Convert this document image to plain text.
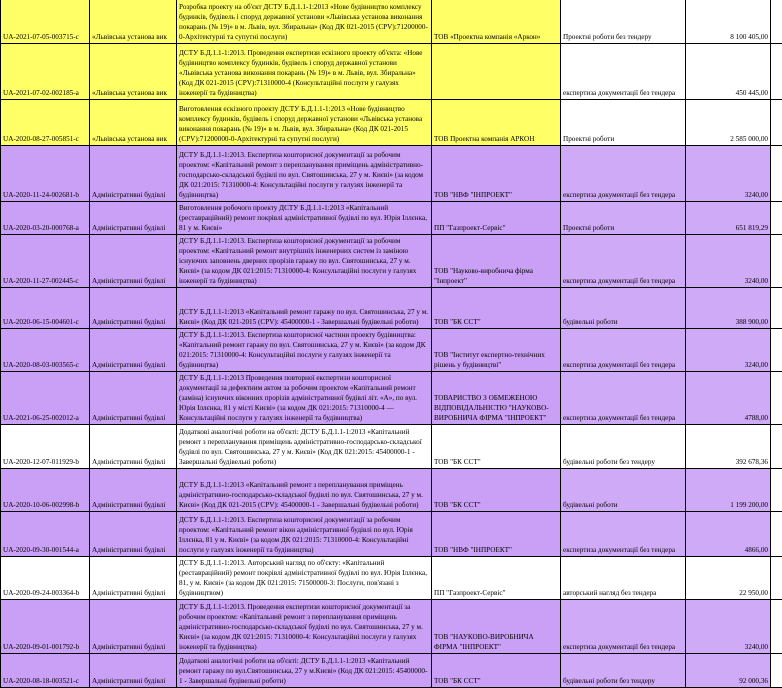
UA-2021-07-05-003715-c	«Львівська установа вик	Розробка проекту на об'єкт ДСТУ Б.Д.1.1-1:2013 «Нове будівництво комплексу будинків, будівель і споруд державної установи «Львівська установа виконання покарань (№ 19)» в м. Львів, вул. Збиральна» (Код ДК 021-2015 (CPV):71200000-0-Архітектурні та супутні послуги)	ТОВ «Проектна компанія «Аркон»	Проектні роботи без тендеру	8 100 405,00	
UA-2021-07-02-002185-a	«Львівська установа вик	ДСТУ Б.Д.1.1-1:2013. Проведення експертизи ескізного проекту об'єкта: «Нове будівництво комплексу будинків, будівель і споруд державної установи «Львівська установа виконання покарань (№ 19)» в м. Львів, вул. Збиральна» (Код ДК 021-2015 (CPV):71310000-4 (Консультаційні послуги у галузях інженерії та будівництва)		експертиза документації без тендера	450 445,00	
UA-2020-08-27-005851-c	«Львівська установа вик	Виготовлення ескізного проекту ДСТУ Б.Д.1.1-1:2013 «Нове будівництво комплексу будинків, будівель і споруд державної установи «Львівська установа виконання покарань (№ 19)» в м. Львів, вул. Збиральна» (Код ДК 021-2015 (CPV):71200000-0-Архітектурні та супутні послуги)	ТОВ Проектна компанія АРКОН	Проектні роботи	2 585 000,00	
UA-2020-11-24-002681-b	Адміністративні будівлі	ДСТУ Б.Д.1.1-1:2013. Експертиза кошторисної документації за робочим проектом: «Капітальний ремонт з перепланування приміщень адміністративно-господарсько-складської будівлі по вул. Святошинська, 27 у м. Києві» (за кодом ДК 021:2015: 71310000-4: Консультаційні послуги у галузях інженерії та будівництва)	ТОВ "НВФ "ІНПРОЕКТ"	експертиза документації без тендера	3240,00	
UA-2020-03-20-000768-a	Адміністративні будівлі	Виготовлення робочого проекту ДСТУ Б.Д.1.1-1:2013 «Капітальний (реставраційний) ремонт покрівлі адміністративної будівлі по вул. Юрія Іллєнка, 81 у м. Києві»	ПП "Газпроект-Сервіс"	Проектні роботи	651 819,29	
UA-2020-11-27-002445-c	Адміністративні будівлі	ДСТУ Б.Д.1.1-1:2013. Експертиза кошторисної документації за робочим проектом: «Капітальний ремонт внутрішніх інженерних систем із заміною існуючих заповнень дверних прорізів гаражу по вул. Святошинська, 27 у м. Києві» (за кодом ДК 021:2015: 71310000-4: Консультаційні послуги у галузях інженерії та будівництва)	ТОВ "Науково-виробнича фірма "Інпроект"	експертиза документації без тендера	3240,00	
UA-2020-06-15-004601-c	Адміністративні будівлі	ДСТУ Б.Д.1.1-1:2013 «Капітальний ремонт гаражу по вул. Святошинська, 27 у м. Києві» (Код ДК 021-2015 (CPV): 45400000-1 - Завершальні будівельні роботи)	ТОВ "БК ССТ"	будівельні роботи	388 900,00	
UA-2020-08-03-003565-c	Адміністративні будівлі	ДСТУ Б.Д.1.1-1:2013. Експертиза кошторисної частини проекту будівництва: «Капітальний ремонт гаражу по вул. Святошинська, 27 у м. Києві» (за кодом ДК 021:2015: 71310000-4: Консультаційні послуги у галузях інженерії та будівництва)	ТОВ "Інститут експертно-технічних рішень у будівництві"	експертиза документації без тендера	3240,00	
UA-2021-06-25-002012-a	Адміністративні будівлі	ДСТУ Б.Д.1.1-1:2013 Проведення повторної експертизи кошторисної документації за дефектним актом за робочим проектом «Капітальний ремонт (заміна) існуючих віконних прорізів адміністративної будівлі літ. «А», по вул. Юрія Іллєнка, 81 у місті Києві» (за кодом ДК 021:2015: 71310000-4 — Консультаційні послуги у галузях інженерії та будівництва)	ТОВАРИСТВО З ОБМЕЖЕНОЮ ВІДПОВІДАЛЬНІСТЮ "НАУКОВО-ВИРОБНИЧА ФІРМА "ІНПРОЕКТ"	експертиза документації без тендера	4788,00	
UA-2020-12-07-011929-b	Адміністративні будівлі	Додаткові аналогічні роботи на об'єкті: ДСТУ Б.Д.1.1-1:2013 «Капітальний ремонт з перепланування приміщень адміністративно-господарсько-складської будівлі по вул. Святошинська, 27 у м. Києві» (Код ДК 021:2015: 45400000-1 - Завершальні будівельні роботи)	ТОВ "БК ССТ"	будівельні роботи без тендеру	392 678,36	
UA-2020-10-06-002998-b	Адміністративні будівлі	ДСТУ Б.Д.1.1-1:2013 «Капітальний ремонт з перепланування приміщень адміністративно-господарсько-складської будівлі по вул. Святошинська, 27 у м. Києві» (Код ДК 021-2015 (CPV): 45400000-1 - Завершальні будівельні роботи)	ТОВ "БК ССТ"	будівельні роботи	1 199 200,00	
UA-2020-09-30-001544-a	Адміністративні будівлі	ДСТУ Б.Д.1.1-1:2013. Експертиза кошторисної документації за робочим проектом: «Капітальний ремонт вікон адміністративної будівлі по вул. Юрія Іллєнка, 81 у м. Києві» (за кодом ДК 021:2015: 71310000-4: Консультаційні послуги у галузях інженерії та будівництва)	ТОВ "НВФ "ІНПРОЕКТ"	експертиза документації без тендера	4866,00	
UA-2020-09-24-003364-b	Адміністративні будівлі	ДСТУ Б.Д.1.1-1:2013. Авторський нагляд по об'єкту: «Капітальний (реставраційний) ремонт покрівлі адміністративної будівлі по вул. Юрія Іллєнка, 81, у м. Києві» (за кодом ДК 021:2015: 71500000-3: Послуги, пов'язані з будівництвом)	ПП "Газпроект-Сервіс"	авторський нагляд без тендера	22 950,00	
UA-2020-09-01-001792-b	Адміністративні будівлі	ДСТУ Б.Д.1.1-1:2013. Проведення експертизи кошторисної документації за робочим проектом: «Капітальний ремонт з перепланування приміщень адміністративно-господарсько-складської будівлі по вул. Святошинська, 27 у м. Києві» (за кодом ДК 021:2015: 71310000-4: Консультаційні послуги у галузях інженерії та будівництва)	ТОВ "НАУКОВО-ВИРОБНИЧА ФІРМА "ІНПРОЕКТ"	експертиза документації без тендера	3240,00	
UA-2020-08-18-003521-c	Адміністративні будівлі	Додаткові аналогічні роботи на об'єкті: ДСТУ Б.Д.1.1-1:2013 «Капітальний ремонт гаражу по вул.Святошинська, 27 у м.Києві» (Код ДК 021:2015: 45400000-1 - Завершальні будівельні роботи)	ТОВ "БК ССТ"	будівельні роботи без тендеру	92 000,36	
